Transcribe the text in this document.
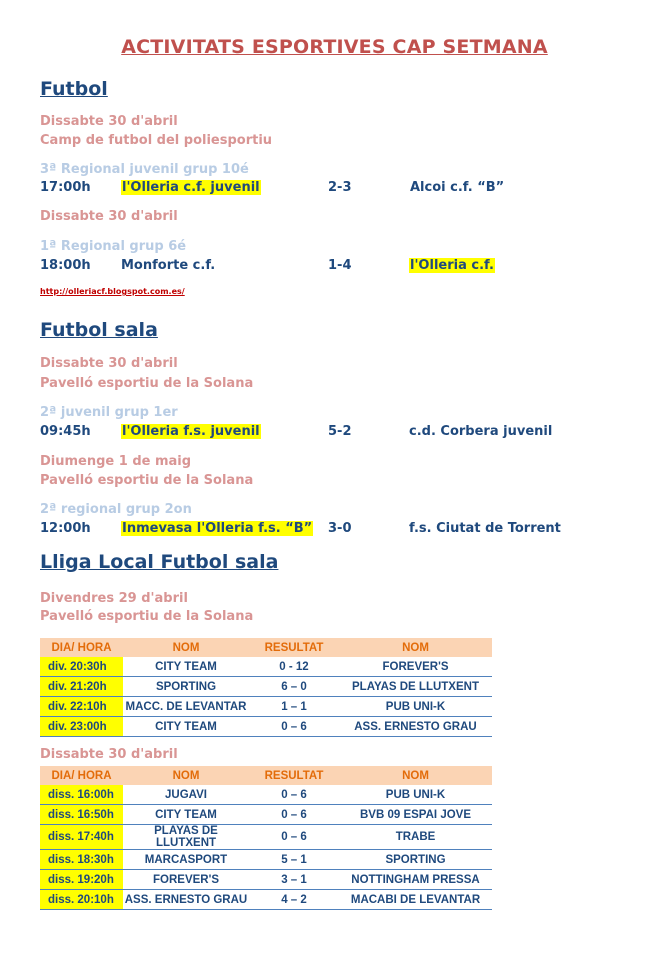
ACTIVITATS ESPORTIVES CAP SETMANA
Futbol
Dissabte 30 d'abril
Camp de futbol del poliesportiu
3ª Regional juvenil grup 10é
17:00h l'Olleria c.f. juvenil	2-3	Alcoi c.f. “B”
Dissabte 30 d'abril
1ª Regional grup 6é
18:00h Monforte c.f.	1-4	l'Olleria c.f.
http://olleriacf.blogspot.com.es/
Futbol sala
Dissabte 30 d'abril
Pavelló esportiu de la Solana
2ª juvenil grup 1er
09:45h l'Olleria f.s. juvenil	5-2	c.d. Corbera juvenil
Diumenge 1 de maig
Pavelló esportiu de la Solana
2ª regional grup 2on
12:00h Inmevasa l'Olleria f.s. “B” 3-0	f.s. Ciutat de Torrent
Lliga Local Futbol sala
Divendres 29 d'abril
Pavelló esportiu de la Solana
DIA/ HORA	NOM	RESULTAT	NOM
div. 20:30h	CITY TEAM	0 - 12	FOREVER'S
div. 21:20h	SPORTING	6 – 0	PLAYAS DE LLUTXENT
div. 22:10h	MACC. DE LEVANTAR	1 – 1	PUB UNI-K
div. 23:00h	CITY TEAM	0 – 6	ASS. ERNESTO GRAU
Dissabte 30 d'abril
DIA/ HORA	NOM	RESULTAT	NOM
diss. 16:00h	JUGAVI	0 – 6	PUB UNI-K
diss. 16:50h	CITY TEAM	0 – 6	BVB 09 ESPAI JOVE
diss. 17:40h	PLAYAS DE LLUTXENT	0 – 6	TRABE
diss. 18:30h	MARCASPORT	5 – 1	SPORTING
diss. 19:20h	FOREVER'S	3 – 1	NOTTINGHAM PRESSA
diss. 20:10h	ASS. ERNESTO GRAU	4 – 2	MACABI DE LEVANTAR
